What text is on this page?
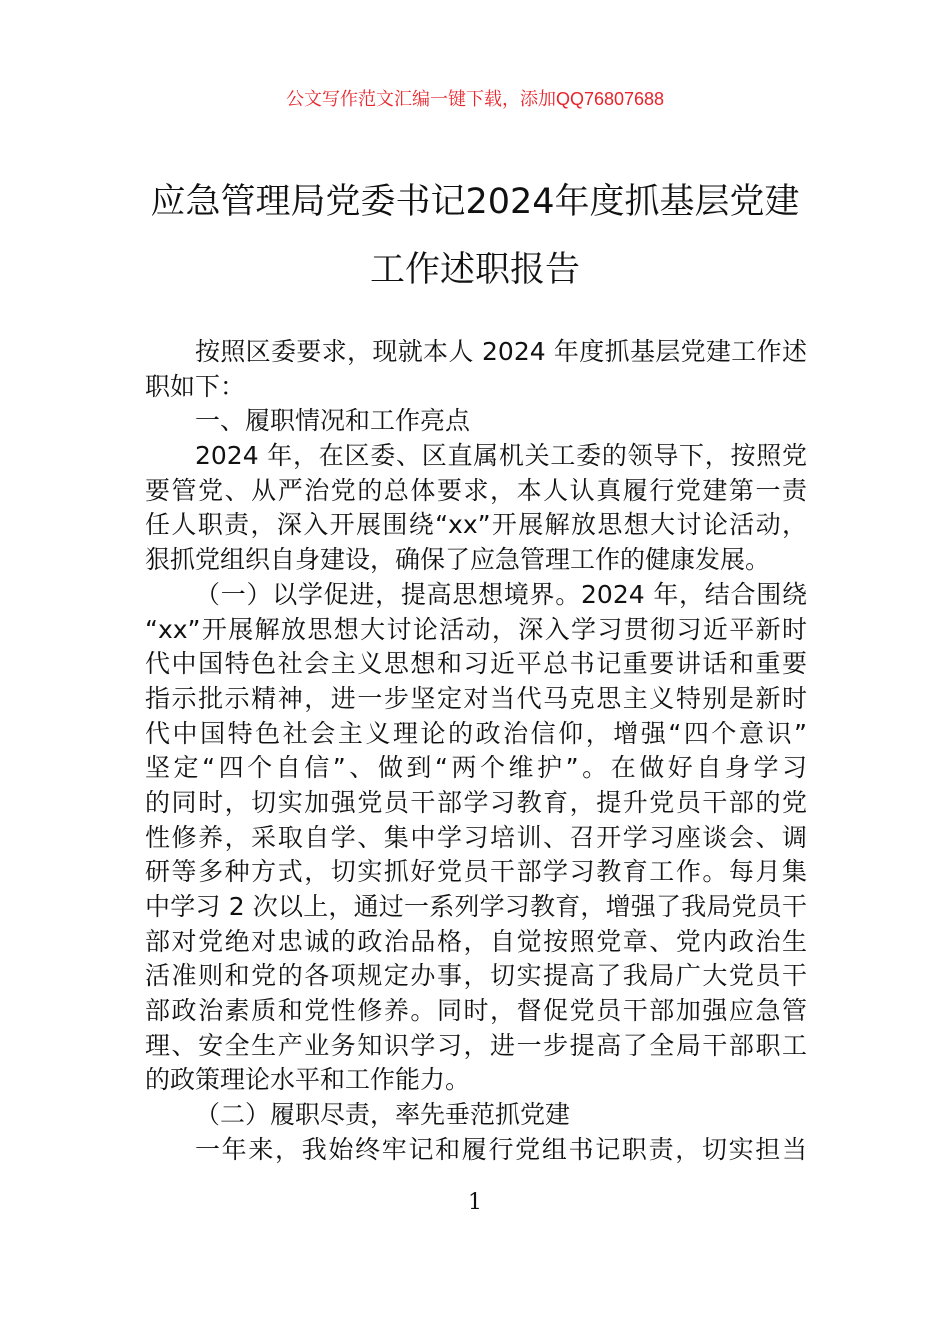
公文写作范文汇编一键下载，添加QQ76807688
应急管理局党委书记2024年度抓基层党建
工作述职报告
按照区委要求，现就本人 2024 年度抓基层党建工作述
职如下：
一、履职情况和工作亮点
2024 年，在区委、区直属机关工委的领导下，按照党
要管党、从严治党的总体要求，本人认真履行党建第一责
任人职责，深入开展围绕“xx”开展解放思想大讨论活动，
狠抓党组织自身建设，确保了应急管理工作的健康发展。
（一）以学促进，提高思想境界。2024 年，结合围绕
“xx”开展解放思想大讨论活动，深入学习贯彻习近平新时
代中国特色社会主义思想和习近平总书记重要讲话和重要
指示批示精神，进一步坚定对当代马克思主义特别是新时
代中国特色社会主义理论的政治信仰，增强“四个意识”
坚定“四个自信”、做到“两个维护”。在做好自身学习
的同时，切实加强党员干部学习教育，提升党员干部的党
性修养，采取自学、集中学习培训、召开学习座谈会、调
研等多种方式，切实抓好党员干部学习教育工作。每月集
中学习 2 次以上，通过一系列学习教育，增强了我局党员干
部对党绝对忠诚的政治品格，自觉按照党章、党内政治生
活准则和党的各项规定办事，切实提高了我局广大党员干
部政治素质和党性修养。同时，督促党员干部加强应急管
理、安全生产业务知识学习，进一步提高了全局干部职工
的政策理论水平和工作能力。
（二）履职尽责，率先垂范抓党建
一年来，我始终牢记和履行党组书记职责，切实担当
1
